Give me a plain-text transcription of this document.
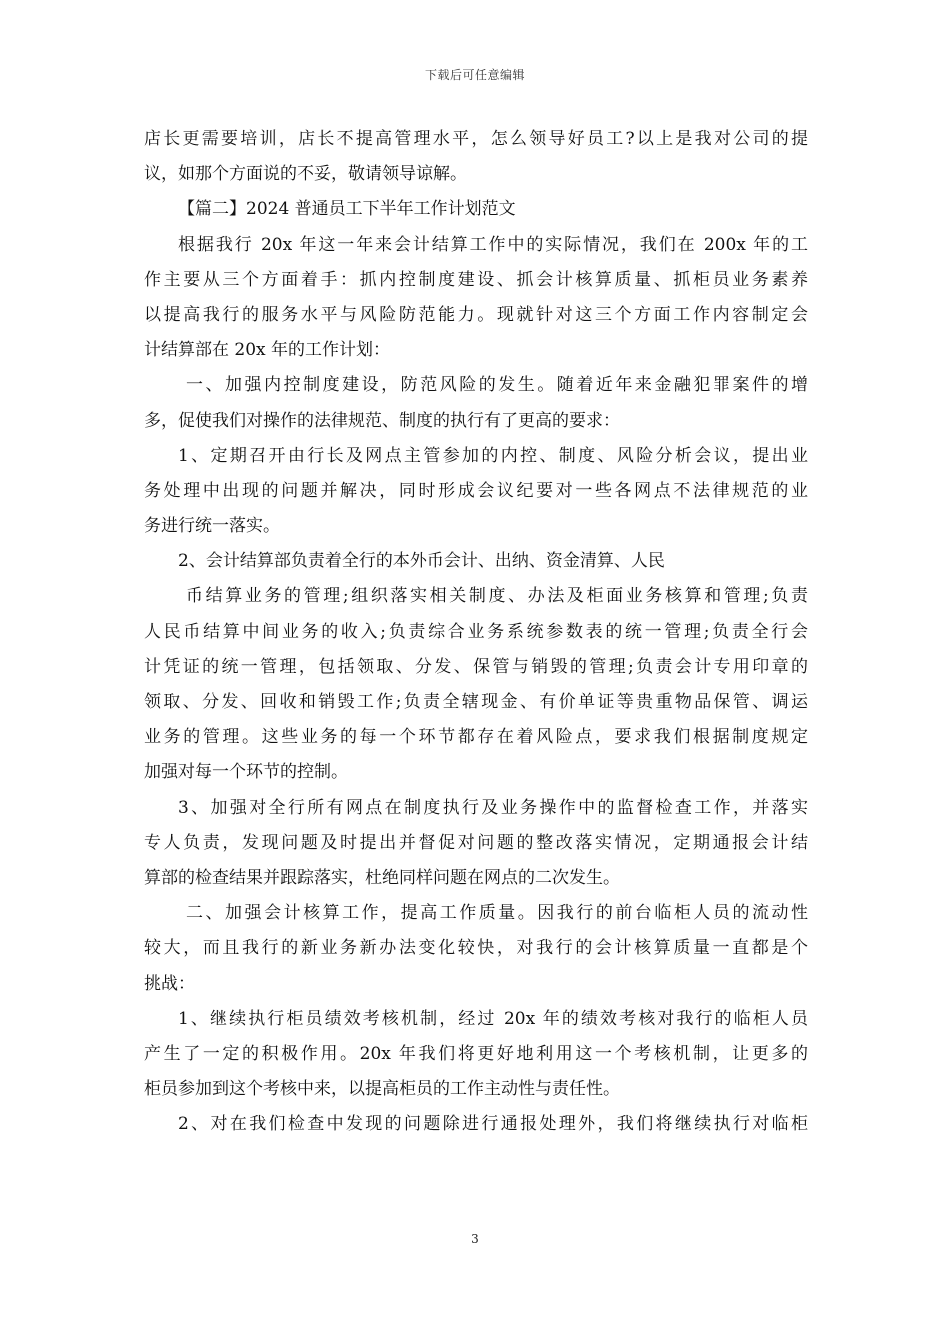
下载后可任意编辑
店长更需要培训，店长不提高管理水平，怎么领导好员工?以上是我对公司的提
议，如那个方面说的不妥，敬请领导谅解。
【篇二】2024 普通员工下半年工作计划范文
根据我行 20x 年这一年来会计结算工作中的实际情况，我们在 200x 年的工
作主要从三个方面着手：抓内控制度建设、抓会计核算质量、抓柜员业务素养
以提高我行的服务水平与风险防范能力。现就针对这三个方面工作内容制定会
计结算部在 20x 年的工作计划：
一、加强内控制度建设，防范风险的发生。随着近年来金融犯罪案件的增
多，促使我们对操作的法律规范、制度的执行有了更高的要求：
1、定期召开由行长及网点主管参加的内控、制度、风险分析会议，提出业
务处理中出现的问题并解决，同时形成会议纪要对一些各网点不法律规范的业
务进行统一落实。
2、会计结算部负责着全行的本外币会计、出纳、资金清算、人民
币结算业务的管理;组织落实相关制度、办法及柜面业务核算和管理;负责
人民币结算中间业务的收入;负责综合业务系统参数表的统一管理;负责全行会
计凭证的统一管理，包括领取、分发、保管与销毁的管理;负责会计专用印章的
领取、分发、回收和销毁工作;负责全辖现金、有价单证等贵重物品保管、调运
业务的管理。这些业务的每一个环节都存在着风险点，要求我们根据制度规定
加强对每一个环节的控制。
3、加强对全行所有网点在制度执行及业务操作中的监督检查工作，并落实
专人负责，发现问题及时提出并督促对问题的整改落实情况，定期通报会计结
算部的检查结果并跟踪落实，杜绝同样问题在网点的二次发生。
二、加强会计核算工作，提高工作质量。因我行的前台临柜人员的流动性
较大，而且我行的新业务新办法变化较快，对我行的会计核算质量一直都是个
挑战：
1、继续执行柜员绩效考核机制，经过 20x 年的绩效考核对我行的临柜人员
产生了一定的积极作用。20x 年我们将更好地利用这一个考核机制，让更多的
柜员参加到这个考核中来，以提高柜员的工作主动性与责任性。
2、对在我们检查中发现的问题除进行通报处理外，我们将继续执行对临柜
3
